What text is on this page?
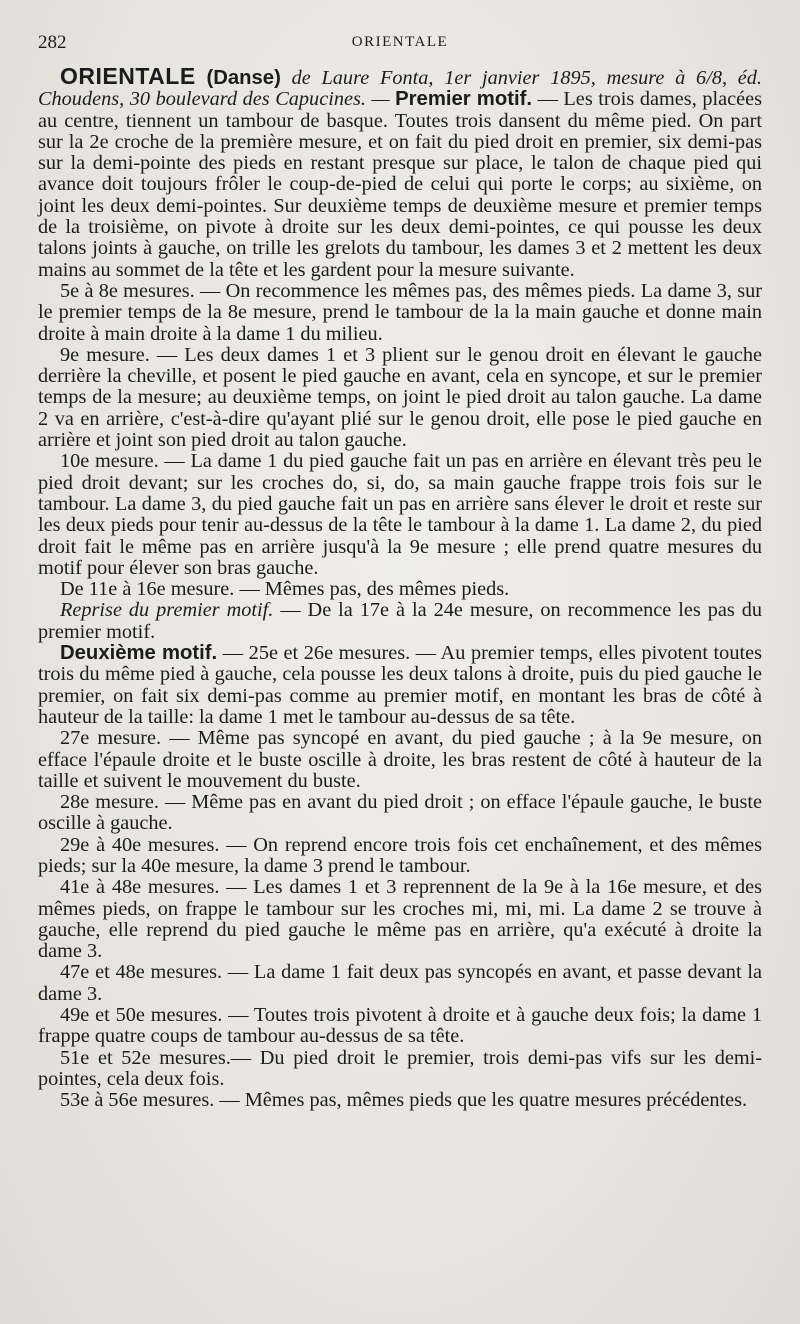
282	ORIENTALE

ORIENTALE (Danse) de Laure Fonta, 1er janvier 1895, mesure à 6/8, éd. Choudens, 30 boulevard des Capucines. — Premier motif. — Les trois dames, placées au centre, tiennent un tambour de basque. Toutes trois dansent du même pied. On part sur la 2e croche de la première mesure, et on fait du pied droit en premier, six demi-pas sur la demi-pointe des pieds en restant presque sur place, le talon de chaque pied qui avance doit toujours frôler le coup-de-pied de celui qui porte le corps; au sixième, on joint les deux demi-pointes. Sur deuxième temps de deuxième mesure et premier temps de la troisième, on pivote à droite sur les deux demi-pointes, ce qui pousse les deux talons joints à gauche, on trille les grelots du tambour, les dames 3 et 2 mettent les deux mains au sommet de la tête et les gardent pour la mesure suivante.

5e à 8e mesures. — On recommence les mêmes pas, des mêmes pieds. La dame 3, sur le premier temps de la 8e mesure, prend le tambour de la la main gauche et donne main droite à main droite à la dame 1 du milieu.

9e mesure. — Les deux dames 1 et 3 plient sur le genou droit en élevant le gauche derrière la cheville, et posent le pied gauche en avant, cela en syncope, et sur le premier temps de la mesure; au deuxième temps, on joint le pied droit au talon gauche. La dame 2 va en arrière, c'est-à-dire qu'ayant plié sur le genou droit, elle pose le pied gauche en arrière et joint son pied droit au talon gauche.

10e mesure. — La dame 1 du pied gauche fait un pas en arrière en élevant très peu le pied droit devant; sur les croches do, si, do, sa main gauche frappe trois fois sur le tambour. La dame 3, du pied gauche fait un pas en arrière sans élever le droit et reste sur les deux pieds pour tenir au-dessus de la tête le tambour à la dame 1. La dame 2, du pied droit fait le même pas en arrière jusqu'à la 9e mesure ; elle prend quatre mesures du motif pour élever son bras gauche.

De 11e à 16e mesure. — Mêmes pas, des mêmes pieds.

Reprise du premier motif. — De la 17e à la 24e mesure, on recommence les pas du premier motif.

Deuxième motif. — 25e et 26e mesures. — Au premier temps, elles pivotent toutes trois du même pied à gauche, cela pousse les deux talons à droite, puis du pied gauche le premier, on fait six demi-pas comme au premier motif, en montant les bras de côté à hauteur de la taille: la dame 1 met le tambour au-dessus de sa tête.

27e mesure. — Même pas syncopé en avant, du pied gauche ; à la 9e mesure, on efface l'épaule droite et le buste oscille à droite, les bras restent de côté à hauteur de la taille et suivent le mouvement du buste.

28e mesure. — Même pas en avant du pied droit ; on efface l'épaule gauche, le buste oscille à gauche.

29e à 40e mesures. — On reprend encore trois fois cet enchaînement, et des mêmes pieds; sur la 40e mesure, la dame 3 prend le tambour.

41e à 48e mesures. — Les dames 1 et 3 reprennent de la 9e à la 16e mesure, et des mêmes pieds, on frappe le tambour sur les croches mi, mi, mi. La dame 2 se trouve à gauche, elle reprend du pied gauche le même pas en arrière, qu'a exécuté à droite la dame 3.

47e et 48e mesures. — La dame 1 fait deux pas syncopés en avant, et passe devant la dame 3.

49e et 50e mesures. — Toutes trois pivotent à droite et à gauche deux fois; la dame 1 frappe quatre coups de tambour au-dessus de sa tête.

51e et 52e mesures.— Du pied droit le premier, trois demi-pas vifs sur les demi-pointes, cela deux fois.

53e à 56e mesures. — Mêmes pas, mêmes pieds que les quatre mesures précédentes.
